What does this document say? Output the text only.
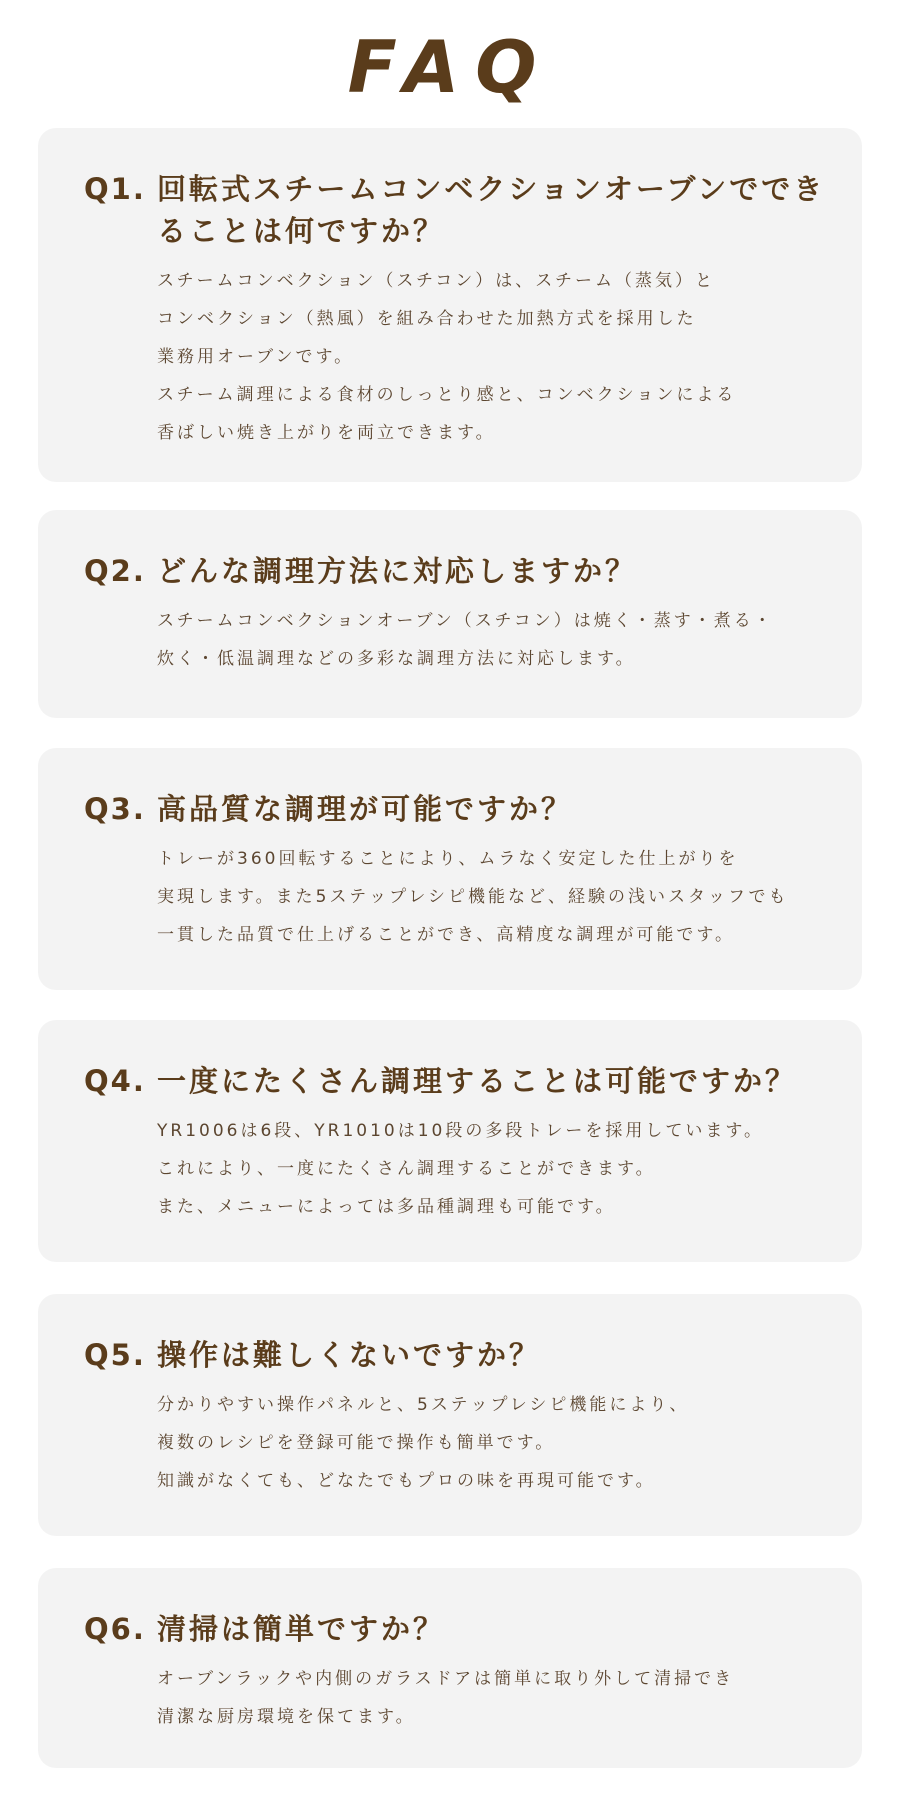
FAQ
Q1. 回転式スチームコンベクションオーブンでできることは何ですか？
スチームコンベクション（スチコン）は、スチーム（蒸気）と
コンベクション（熱風）を組み合わせた加熱方式を採用した
業務用オーブンです。
スチーム調理による食材のしっとり感と、コンベクションによる
香ばしい焼き上がりを両立できます。
Q2. どんな調理方法に対応しますか？
スチームコンベクションオーブン（スチコン）は焼く・蒸す・煮る・
炊く・低温調理などの多彩な調理方法に対応します。
Q3. 高品質な調理が可能ですか？
トレーが360回転することにより、ムラなく安定した仕上がりを
実現します。また5ステップレシピ機能など、経験の浅いスタッフでも
一貫した品質で仕上げることができ、高精度な調理が可能です。
Q4. 一度にたくさん調理することは可能ですか？
YR1006は6段、YR1010は10段の多段トレーを採用しています。
これにより、一度にたくさん調理することができます。
また、メニューによっては多品種調理も可能です。
Q5. 操作は難しくないですか？
分かりやすい操作パネルと、5ステップレシピ機能により、
複数のレシピを登録可能で操作も簡単です。
知識がなくても、どなたでもプロの味を再現可能です。
Q6. 清掃は簡単ですか？
オーブンラックや内側のガラスドアは簡単に取り外して清掃でき
清潔な厨房環境を保てます。
